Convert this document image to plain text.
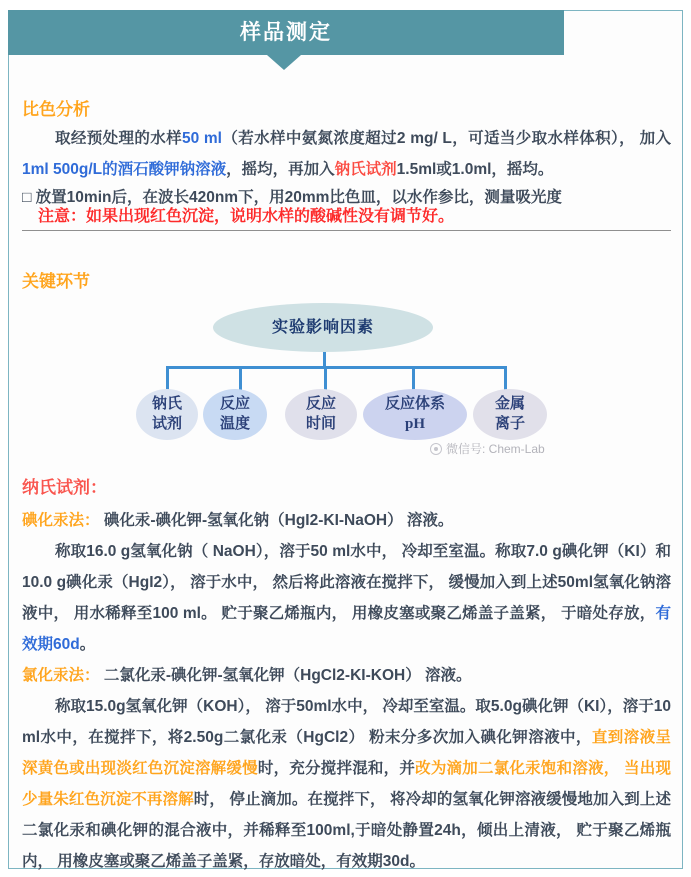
样品测定
比色分析
取经预处理的水样50 ml（若水样中氨氮浓度超过2 mg/ L，可适当少取水样体积）， 加入1ml 500g/L的酒石酸钾钠溶液，摇均，再加入钠氏试剂1.5ml或1.0ml，摇均。
□ 放置10min后，在波长420nm下，用20mm比色皿，以水作参比，测量吸光度
注意：如果出现红色沉淀，说明水样的酸碱性没有调节好。
关键环节
实验影响因素
钠氏
试剂
反应
温度
反应
时间
反应体系
pH
金属
离子
微信号: Chem-Lab
纳氏试剂：
碘化汞法： 碘化汞-碘化钾-氢氧化钠（HgI2-KI-NaOH） 溶液。
称取16.0 g氢氧化钠（ NaOH），溶于50 ml水中， 冷却至室温。称取7.0 g碘化钾（KI）和10.0 g碘化汞（HgI2）， 溶于水中， 然后将此溶液在搅拌下， 缓慢加入到上述50ml氢氧化钠溶液中， 用水稀释至100 ml。 贮于聚乙烯瓶内， 用橡皮塞或聚乙烯盖子盖紧， 于暗处存放，有效期60d。
氯化汞法： 二氯化汞-碘化钾-氢氧化钾（HgCl2-KI-KOH） 溶液。
称取15.0g氢氧化钾（KOH）， 溶于50ml水中， 冷却至室温。取5.0g碘化钾（KI），溶于10 ml水中，在搅拌下，将2.50g二氯化汞（HgCl2） 粉末分多次加入碘化钾溶液中，直到溶液呈深黄色或出现淡红色沉淀溶解缓慢时，充分搅拌混和，并改为滴加二氯化汞饱和溶液， 当出现少量朱红色沉淀不再溶解时， 停止滴加。在搅拌下， 将冷却的氢氧化钾溶液缓慢地加入到上述二氯化汞和碘化钾的混合液中，并稀释至100ml,于暗处静置24h，倾出上清液， 贮于聚乙烯瓶内， 用橡皮塞或聚乙烯盖子盖紧，存放暗处，有效期30d。
